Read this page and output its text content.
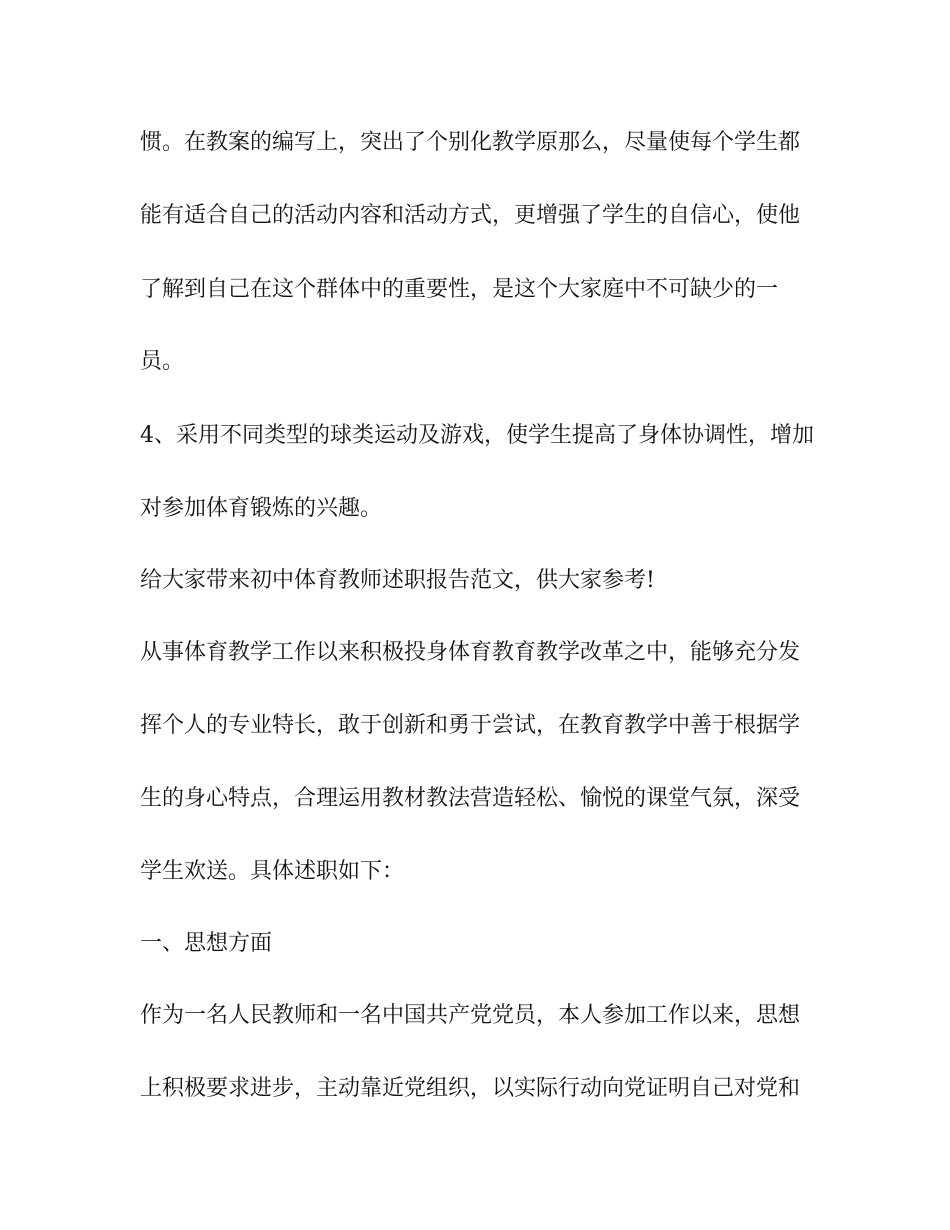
惯。在教案的编写上，突出了个别化教学原那么，尽量使每个学生都

能有适合自己的活动内容和活动方式，更增强了学生的自信心，使他

了解到自己在这个群体中的重要性，是这个大家庭中不可缺少的一

员。

4、采用不同类型的球类运动及游戏，使学生提高了身体协调性，增加

对参加体育锻炼的兴趣。

给大家带来初中体育教师述职报告范文，供大家参考!

从事体育教学工作以来积极投身体育教育教学改革之中，能够充分发

挥个人的专业特长，敢于创新和勇于尝试，在教育教学中善于根据学

生的身心特点，合理运用教材教法营造轻松、愉悦的课堂气氛，深受

学生欢送。具体述职如下：

一、思想方面

作为一名人民教师和一名中国共产党党员，本人参加工作以来，思想

上积极要求进步，主动靠近党组织，以实际行动向党证明自己对党和
